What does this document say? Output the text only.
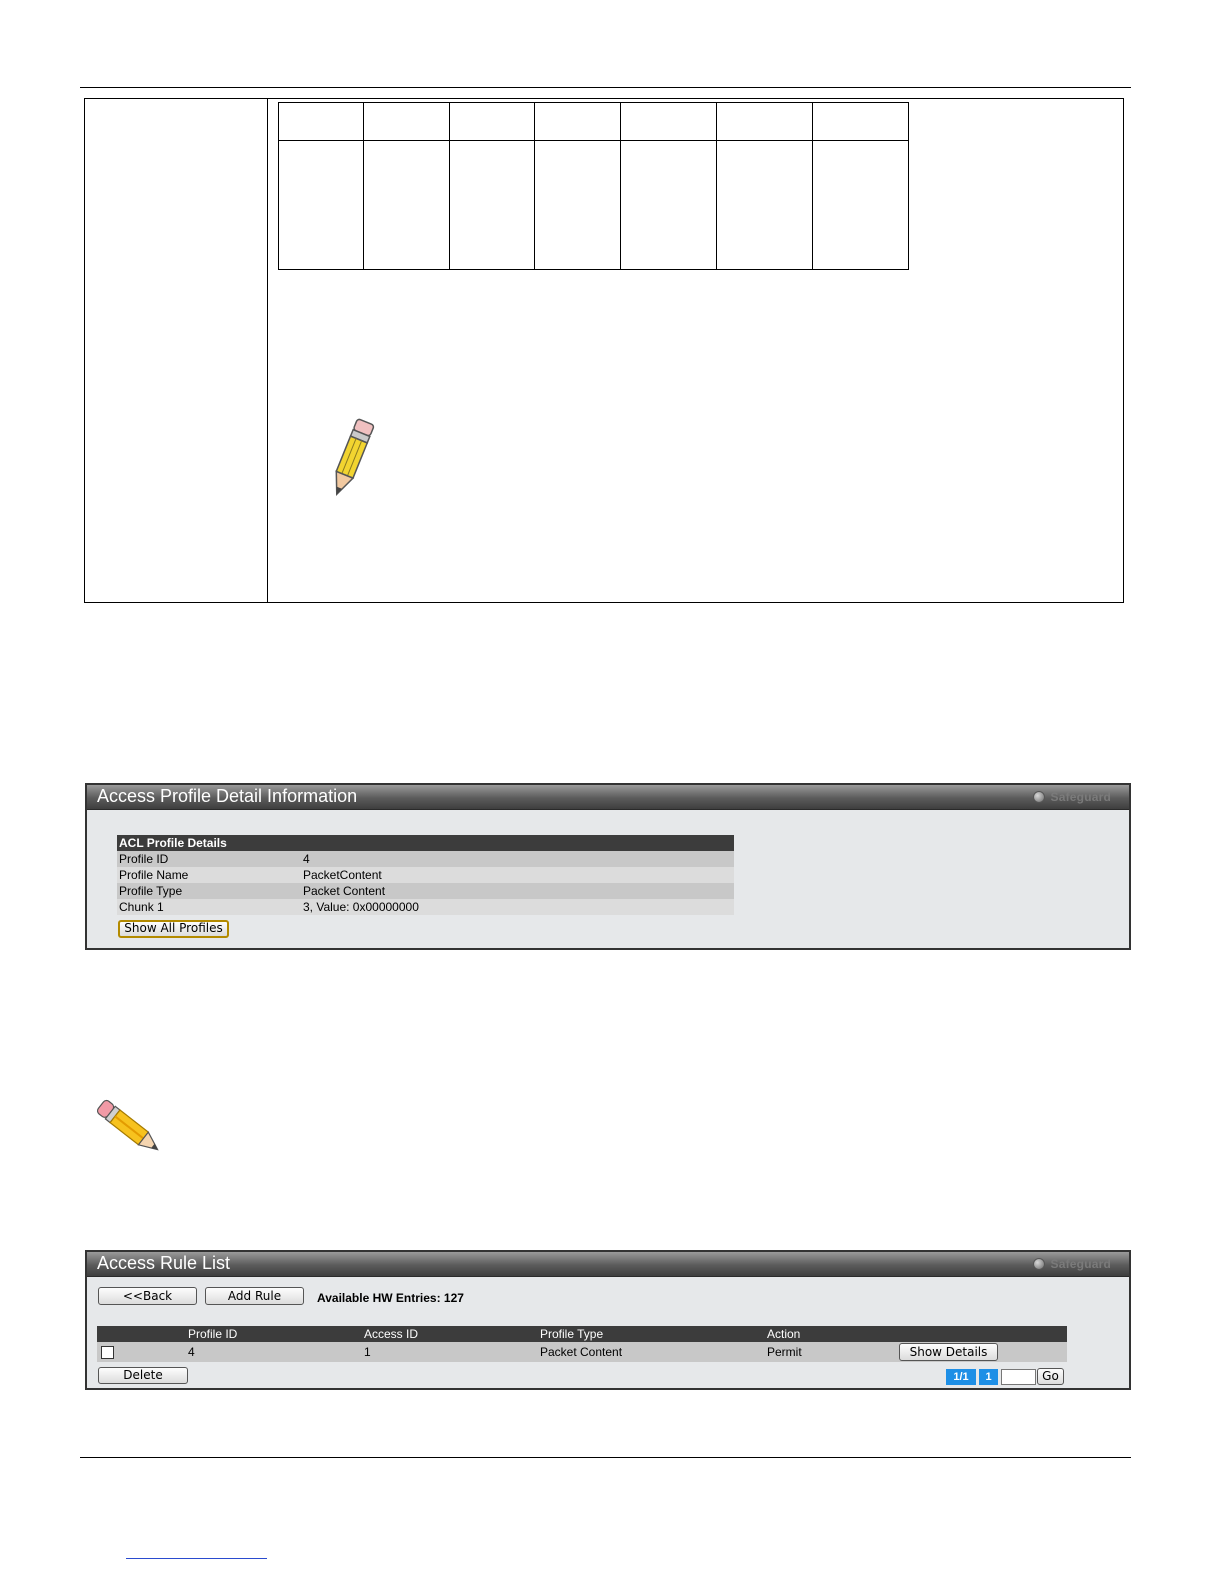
Access Profile Detail Information	Safeguard
ACL Profile Details	
Profile ID	4
Profile Name	PacketContent
Profile Type	Packet Content
Chunk 1	3, Value: 0x00000000
Show All Profiles
Access Rule List	Safeguard
<<Back	Add Rule	Available HW Entries: 127
	Profile ID	Access ID	Profile Type	Action	
	4	1	Packet Content	Permit	Show Details
Delete	1/1	1	Go
